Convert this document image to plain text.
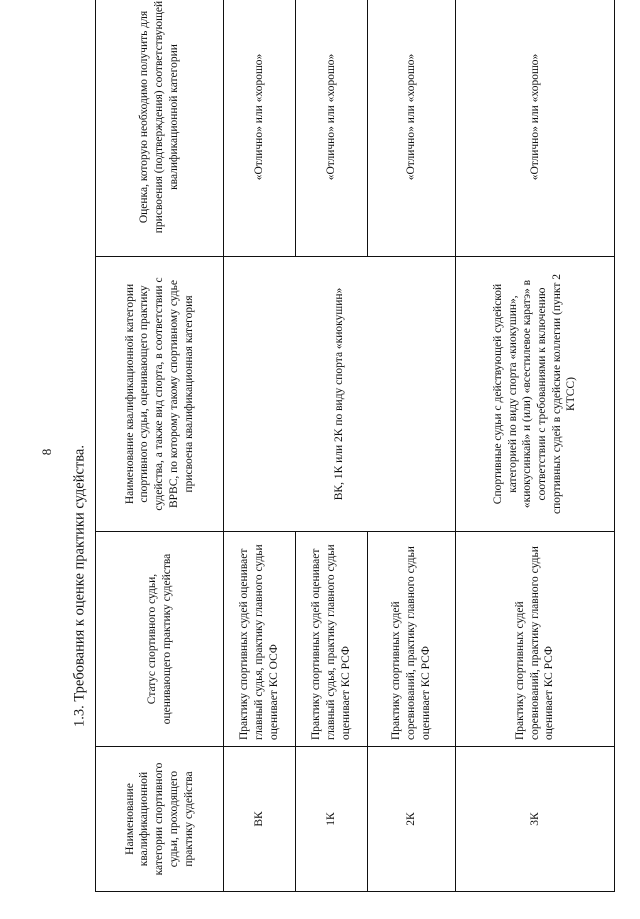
8 1.3. Требования к оценке практики судейства.
Наименование квалификационной категории спортивного судьи, проходящего практику судейства	Статус спортивного судьи, оценивающего практику судейства	Наименование квалификационной категории спортивного судьи, оценивающего практику судейства, а также вид спорта, в соответствии с ВРВС, по которому такому спортивному судье присвоена квалификационная категория	Оценка, которую необходимо получить для присвоения (подтверждения) соответствующей квалификационной категории
ВК	Практику спортивных судей оценивает главный судья, практику главного судьи оценивает КС ОСФ	ВК, 1К или 2К по виду спорта «киокушин»	«Отлично» или «хорошо»
1К	Практику спортивных судей оценивает главный судья, практику главного судьи оценивает КС РСФ		«Отлично» или «хорошо»
2К	Практику спортивных судей соревнований, практику главного судьи оценивает КС РСФ		«Отлично» или «хорошо»
3К	Практику спортивных судей соревнований, практику главного судьи оценивает КС РСФ	Спортивные судьи с действующей судейской категорией по виду спорта «киокушин», «киокусинкай» и (или) «всестилевое каратэ» в соответствии с требованиями к включению спортивных судей в судейские коллегии (пункт 2 КТСС)	«Отлично» или «хорошо»
